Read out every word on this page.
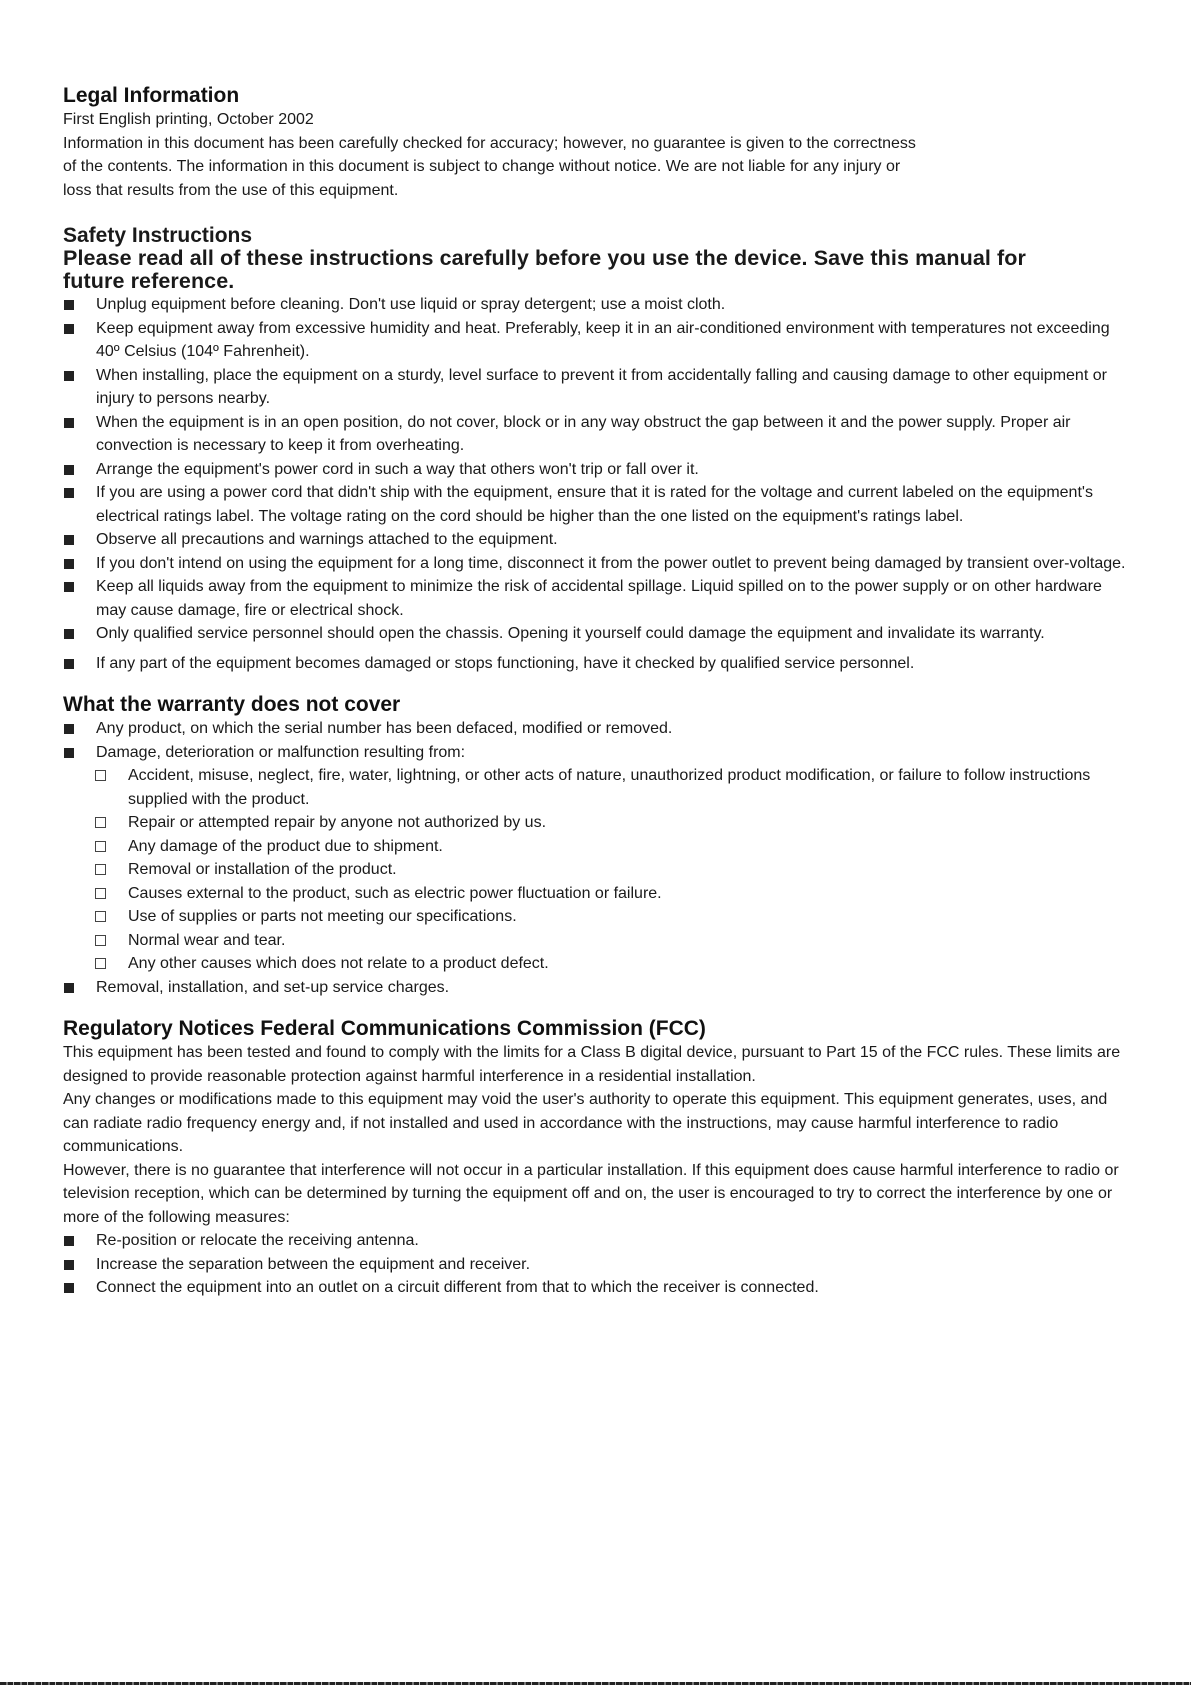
Legal Information

First English printing, October 2002

Information in this document has been carefully checked for accuracy; however, no guarantee is given to the correctness

of the contents. The information in this document is subject to change without notice. We are not liable for any injury or

loss that results from the use of this equipment.

Safety Instructions
Please read all of these instructions carefully before you use the device. Save this manual for
future reference.
Unplug equipment before cleaning. Don't use liquid or spray detergent; use a moist cloth.
Keep equipment away from excessive humidity and heat. Preferably, keep it in an air-conditioned environment with temperatures not exceeding 40º Celsius (104º Fahrenheit).
When installing, place the equipment on a sturdy, level surface to prevent it from accidentally falling and causing damage to other equipment or injury to persons nearby.
When the equipment is in an open position, do not cover, block or in any way obstruct the gap between it and the power supply. Proper air convection is necessary to keep it from overheating.
Arrange the equipment's power cord in such a way that others won't trip or fall over it.
If you are using a power cord that didn't ship with the equipment, ensure that it is rated for the voltage and current labeled on the equipment's electrical ratings label. The voltage rating on the cord should be higher than the one listed on the equipment's ratings label.
Observe all precautions and warnings attached to the equipment.
If you don't intend on using the equipment for a long time, disconnect it from the power outlet to prevent being damaged by transient over-voltage.
Keep all liquids away from the equipment to minimize the risk of accidental spillage. Liquid spilled on to the power supply or on other hardware may cause damage, fire or electrical shock.
Only qualified service personnel should open the chassis. Opening it yourself could damage the equipment and invalidate its warranty.
If any part of the equipment becomes damaged or stops functioning, have it checked by qualified service personnel.
What the warranty does not cover
Any product, on which the serial number has been defaced, modified or removed.
Damage, deterioration or malfunction resulting from:
Accident, misuse, neglect, fire, water, lightning, or other acts of nature, unauthorized product modification, or failure to follow instructions supplied with the product.
Repair or attempted repair by anyone not authorized by us.
Any damage of the product due to shipment.
Removal or installation of the product.
Causes external to the product, such as electric power fluctuation or failure.
Use of supplies or parts not meeting our specifications.
Normal wear and tear.
Any other causes which does not relate to a product defect.
Removal, installation, and set-up service charges.
Regulatory Notices Federal Communications Commission (FCC)

This equipment has been tested and found to comply with the limits for a Class B digital device, pursuant to Part 15 of the FCC rules. These limits are designed to provide reasonable protection against harmful interference in a residential installation.

Any changes or modifications made to this equipment may void the user's authority to operate this equipment. This equipment generates, uses, and can radiate radio frequency energy and, if not installed and used in accordance with the instructions, may cause harmful interference to radio communications.

However, there is no guarantee that interference will not occur in a particular installation. If this equipment does cause harmful interference to radio or television reception, which can be determined by turning the equipment off and on, the user is encouraged to try to correct the interference by one or more of the following measures:

Re-position or relocate the receiving antenna.
Increase the separation between the equipment and receiver.
Connect the equipment into an outlet on a circuit different from that to which the receiver is connected.
